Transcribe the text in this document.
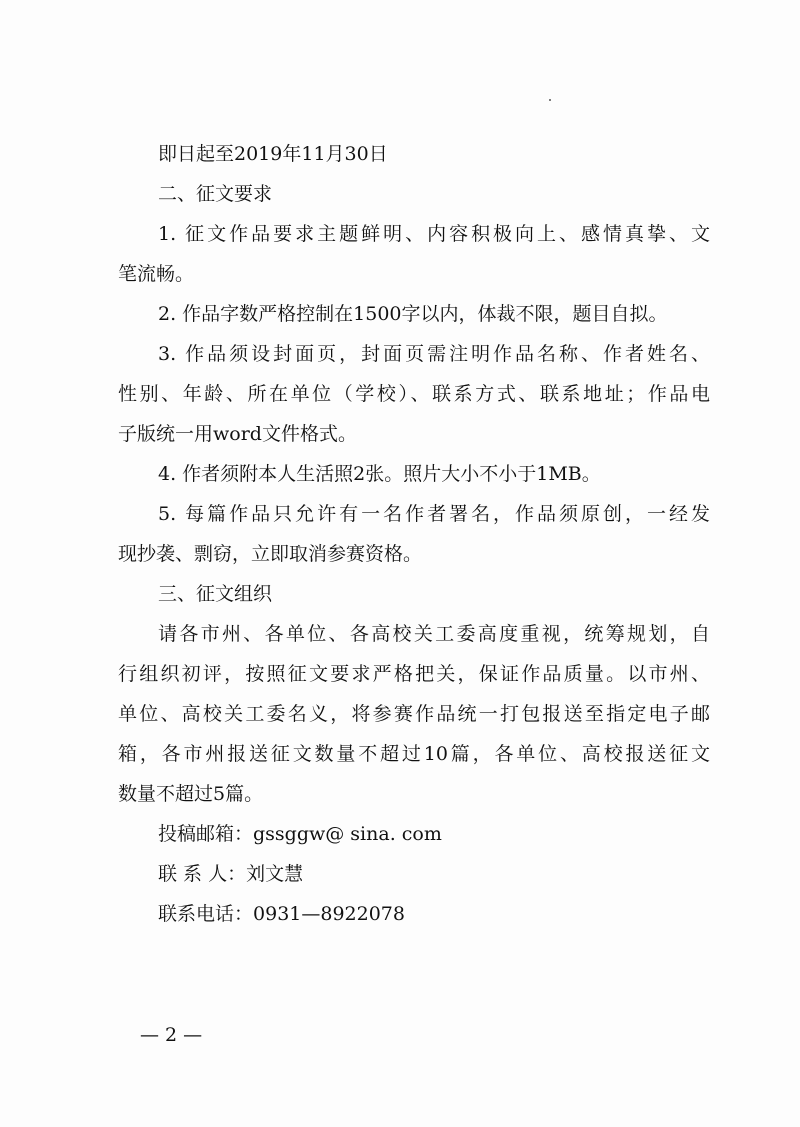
即日起至2019年11月30日
二、征文要求
1. 征文作品要求主题鲜明、内容积极向上、感情真挚、文
笔流畅。
2. 作品字数严格控制在1500字以内，体裁不限，题目自拟。
3. 作品须设封面页，封面页需注明作品名称、作者姓名、
性别、年龄、所在单位（学校）、联系方式、联系地址；作品电
子版统一用word文件格式。
4. 作者须附本人生活照2张。照片大小不小于1MB。
5. 每篇作品只允许有一名作者署名，作品须原创，一经发
现抄袭、剽窃，立即取消参赛资格。
三、征文组织
请各市州、各单位、各高校关工委高度重视，统筹规划，自
行组织初评，按照征文要求严格把关，保证作品质量。以市州、
单位、高校关工委名义，将参赛作品统一打包报送至指定电子邮
箱，各市州报送征文数量不超过10篇，各单位、高校报送征文
数量不超过5篇。
投稿邮箱：gssggw@ sina. com
联 系 人：刘文慧
联系电话：0931—8922078
— 2 —
